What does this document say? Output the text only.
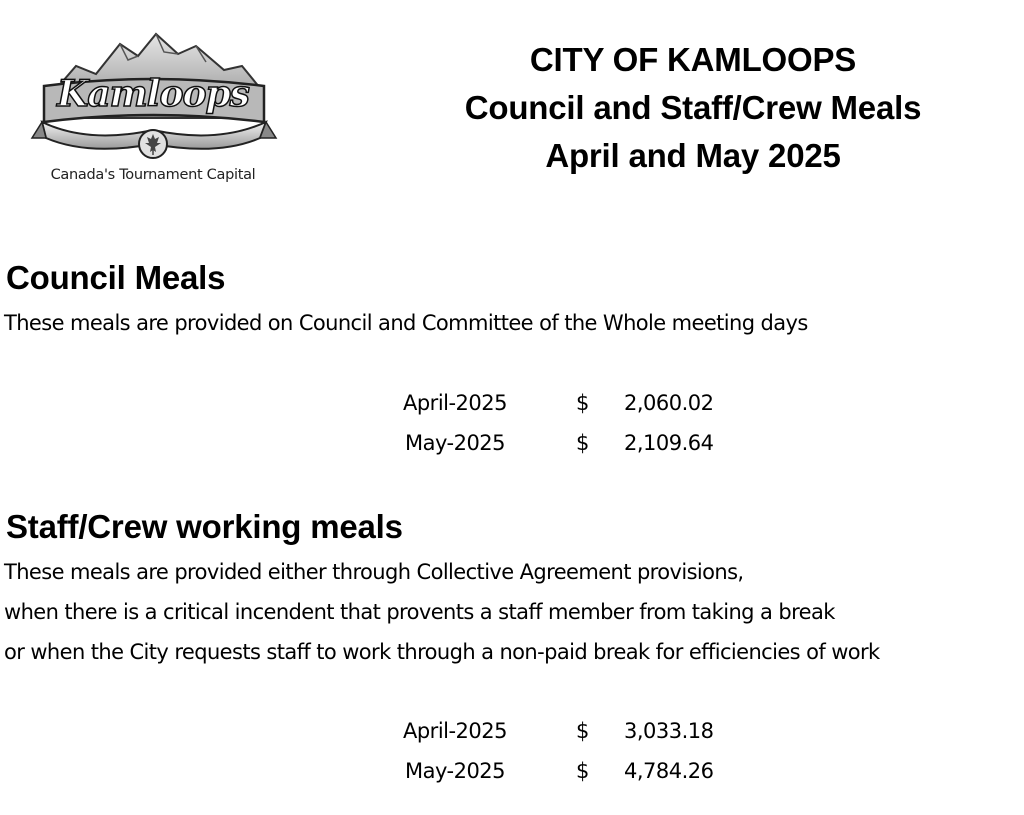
Kamloops
Canada's Tournament Capital
CITY OF KAMLOOPS
Council and Staff/Crew Meals
April and May 2025
Council Meals

These meals are provided on Council and Committee of the Whole meeting days

April-2025	$ 2,060.02
May-2025	$ 2,109.64
Staff/Crew working meals

These meals are provided either through Collective Agreement provisions,
when there is a critical incendent that provents a staff member from taking a break
or when the City requests staff to work through a non-paid break for efficiencies of work

April-2025	$ 3,033.18
May-2025	$ 4,784.26
